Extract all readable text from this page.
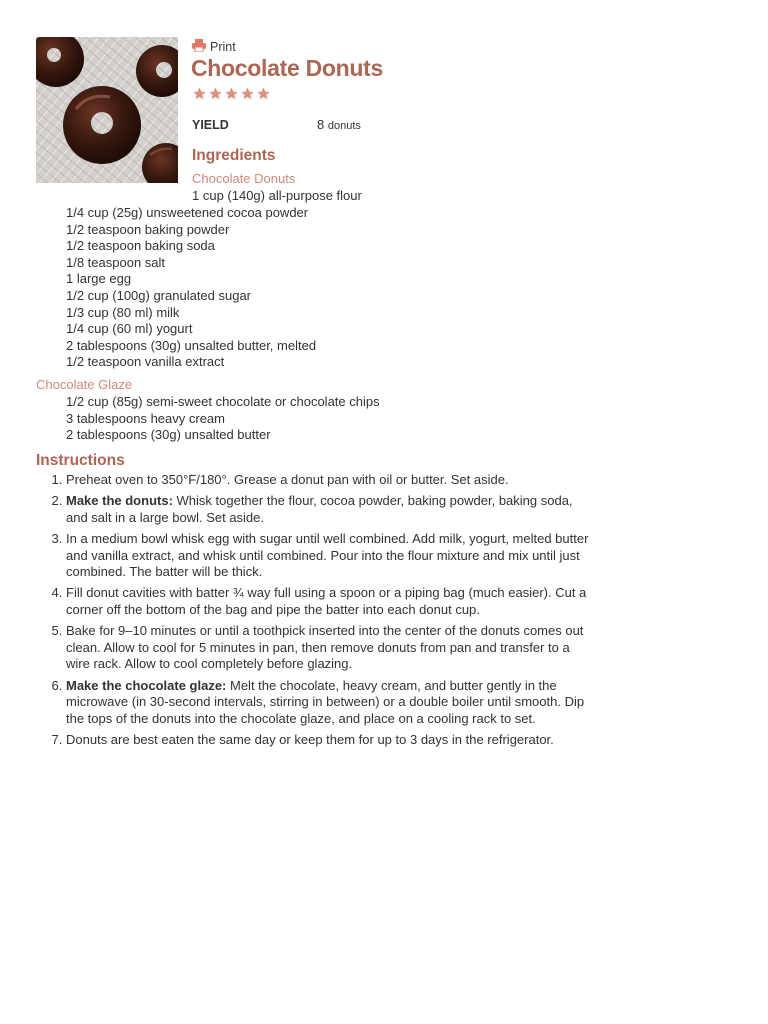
Print
Chocolate Donuts
YIELD	8 donuts
Ingredients
Chocolate Donuts
1 cup (140g) all-purpose flour
1/4 cup (25g) unsweetened cocoa powder
1/2 teaspoon baking powder
1/2 teaspoon baking soda
1/8 teaspoon salt
1 large egg
1/2 cup (100g) granulated sugar
1/3 cup (80 ml) milk
1/4 cup (60 ml) yogurt
2 tablespoons (30g) unsalted butter, melted
1/2 teaspoon vanilla extract
Chocolate Glaze
1/2 cup (85g) semi-sweet chocolate or chocolate chips
3 tablespoons heavy cream
2 tablespoons (30g) unsalted butter
Instructions
1. Preheat oven to 350°F/180°. Grease a donut pan with oil or butter. Set aside.
2. Make the donuts: Whisk together the flour, cocoa powder, baking powder, baking soda, and salt in a large bowl. Set aside.
3. In a medium bowl whisk egg with sugar until well combined. Add milk, yogurt, melted butter and vanilla extract, and whisk until combined. Pour into the flour mixture and mix until just combined. The batter will be thick.
4. Fill donut cavities with batter ¾ way full using a spoon or a piping bag (much easier). Cut a corner off the bottom of the bag and pipe the batter into each donut cup.
5. Bake for 9–10 minutes or until a toothpick inserted into the center of the donuts comes out clean. Allow to cool for 5 minutes in pan, then remove donuts from pan and transfer to a wire rack. Allow to cool completely before glazing.
6. Make the chocolate glaze: Melt the chocolate, heavy cream, and butter gently in the microwave (in 30-second intervals, stirring in between) or a double boiler until smooth. Dip the tops of the donuts into the chocolate glaze, and place on a cooling rack to set.
7. Donuts are best eaten the same day or keep them for up to 3 days in the refrigerator.
